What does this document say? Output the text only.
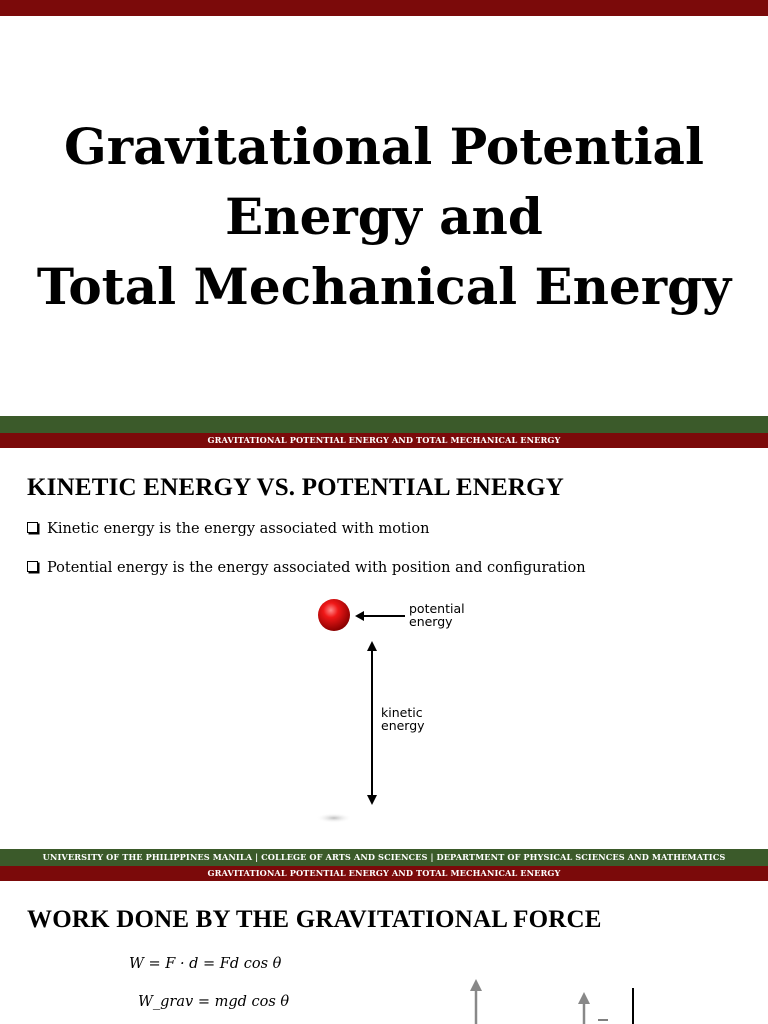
Gravitational Potential
Energy and
Total Mechanical Energy
GRAVITATIONAL POTENTIAL ENERGY AND TOTAL MECHANICAL ENERGY
KINETIC ENERGY VS. POTENTIAL ENERGY
Kinetic energy is the energy associated with motion
Potential energy is the energy associated with position and configuration
potential
energy
kinetic
energy
UNIVERSITY OF THE PHILIPPINES MANILA | COLLEGE OF ARTS AND SCIENCES | DEPARTMENT OF PHYSICAL SCIENCES AND MATHEMATICS
GRAVITATIONAL POTENTIAL ENERGY AND TOTAL MECHANICAL ENERGY
WORK DONE BY THE GRAVITATIONAL FORCE
W = F · d = Fd cos θ
W_grav = mgd cos θ
